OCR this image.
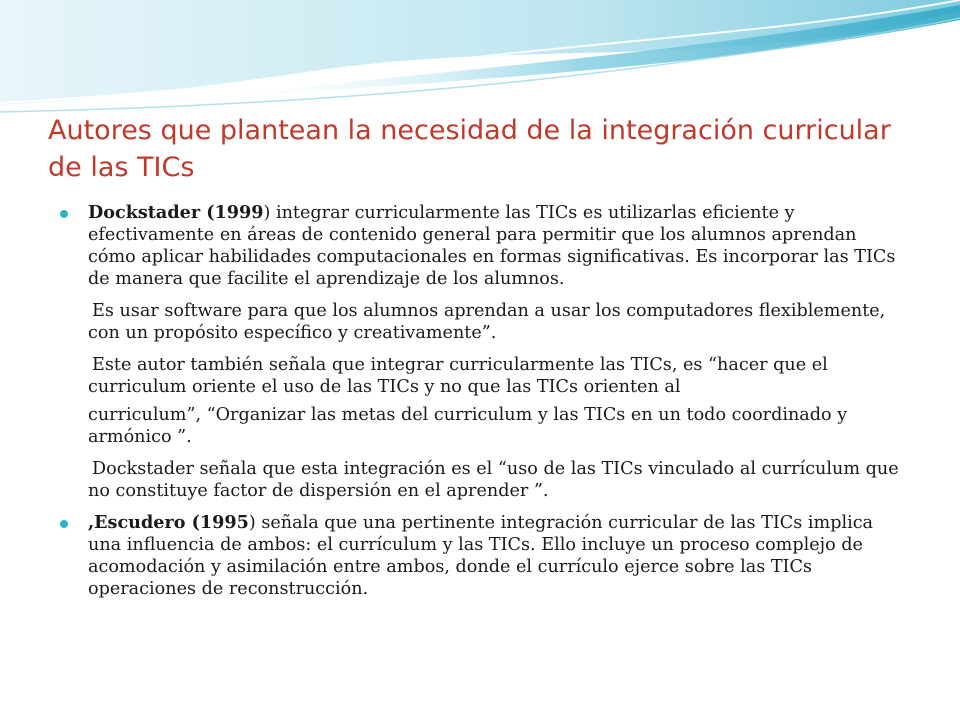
Autores que plantean la necesidad de la integración curricular de las TICs
Dockstader (1999) integrar curricularmente las TICs es utilizarlas eficiente y efectivamente en áreas de contenido general para permitir que los alumnos aprendan cómo aplicar habilidades computacionales en formas significativas. Es incorporar las TICs de manera que facilite el aprendizaje de los alumnos.
Es usar software para que los alumnos aprendan a usar los computadores flexiblemente, con un propósito específico y creativamente”.
Este autor también señala que integrar curricularmente las TICs, es “hacer que el curriculum oriente el uso de las TICs y no que las TICs orienten al
curriculum”, “Organizar las metas del curriculum y las TICs en un todo coordinado y armónico ”.
Dockstader señala que esta integración es el “uso de las TICs vinculado al currículum que no constituye factor de dispersión en el aprender ”.
,Escudero (1995) señala que una pertinente integración curricular de las TICs implica una influencia de ambos: el currículum y las TICs. Ello incluye un proceso complejo de acomodación y asimilación entre ambos, donde el currículo ejerce sobre las TICs operaciones de reconstrucción.
